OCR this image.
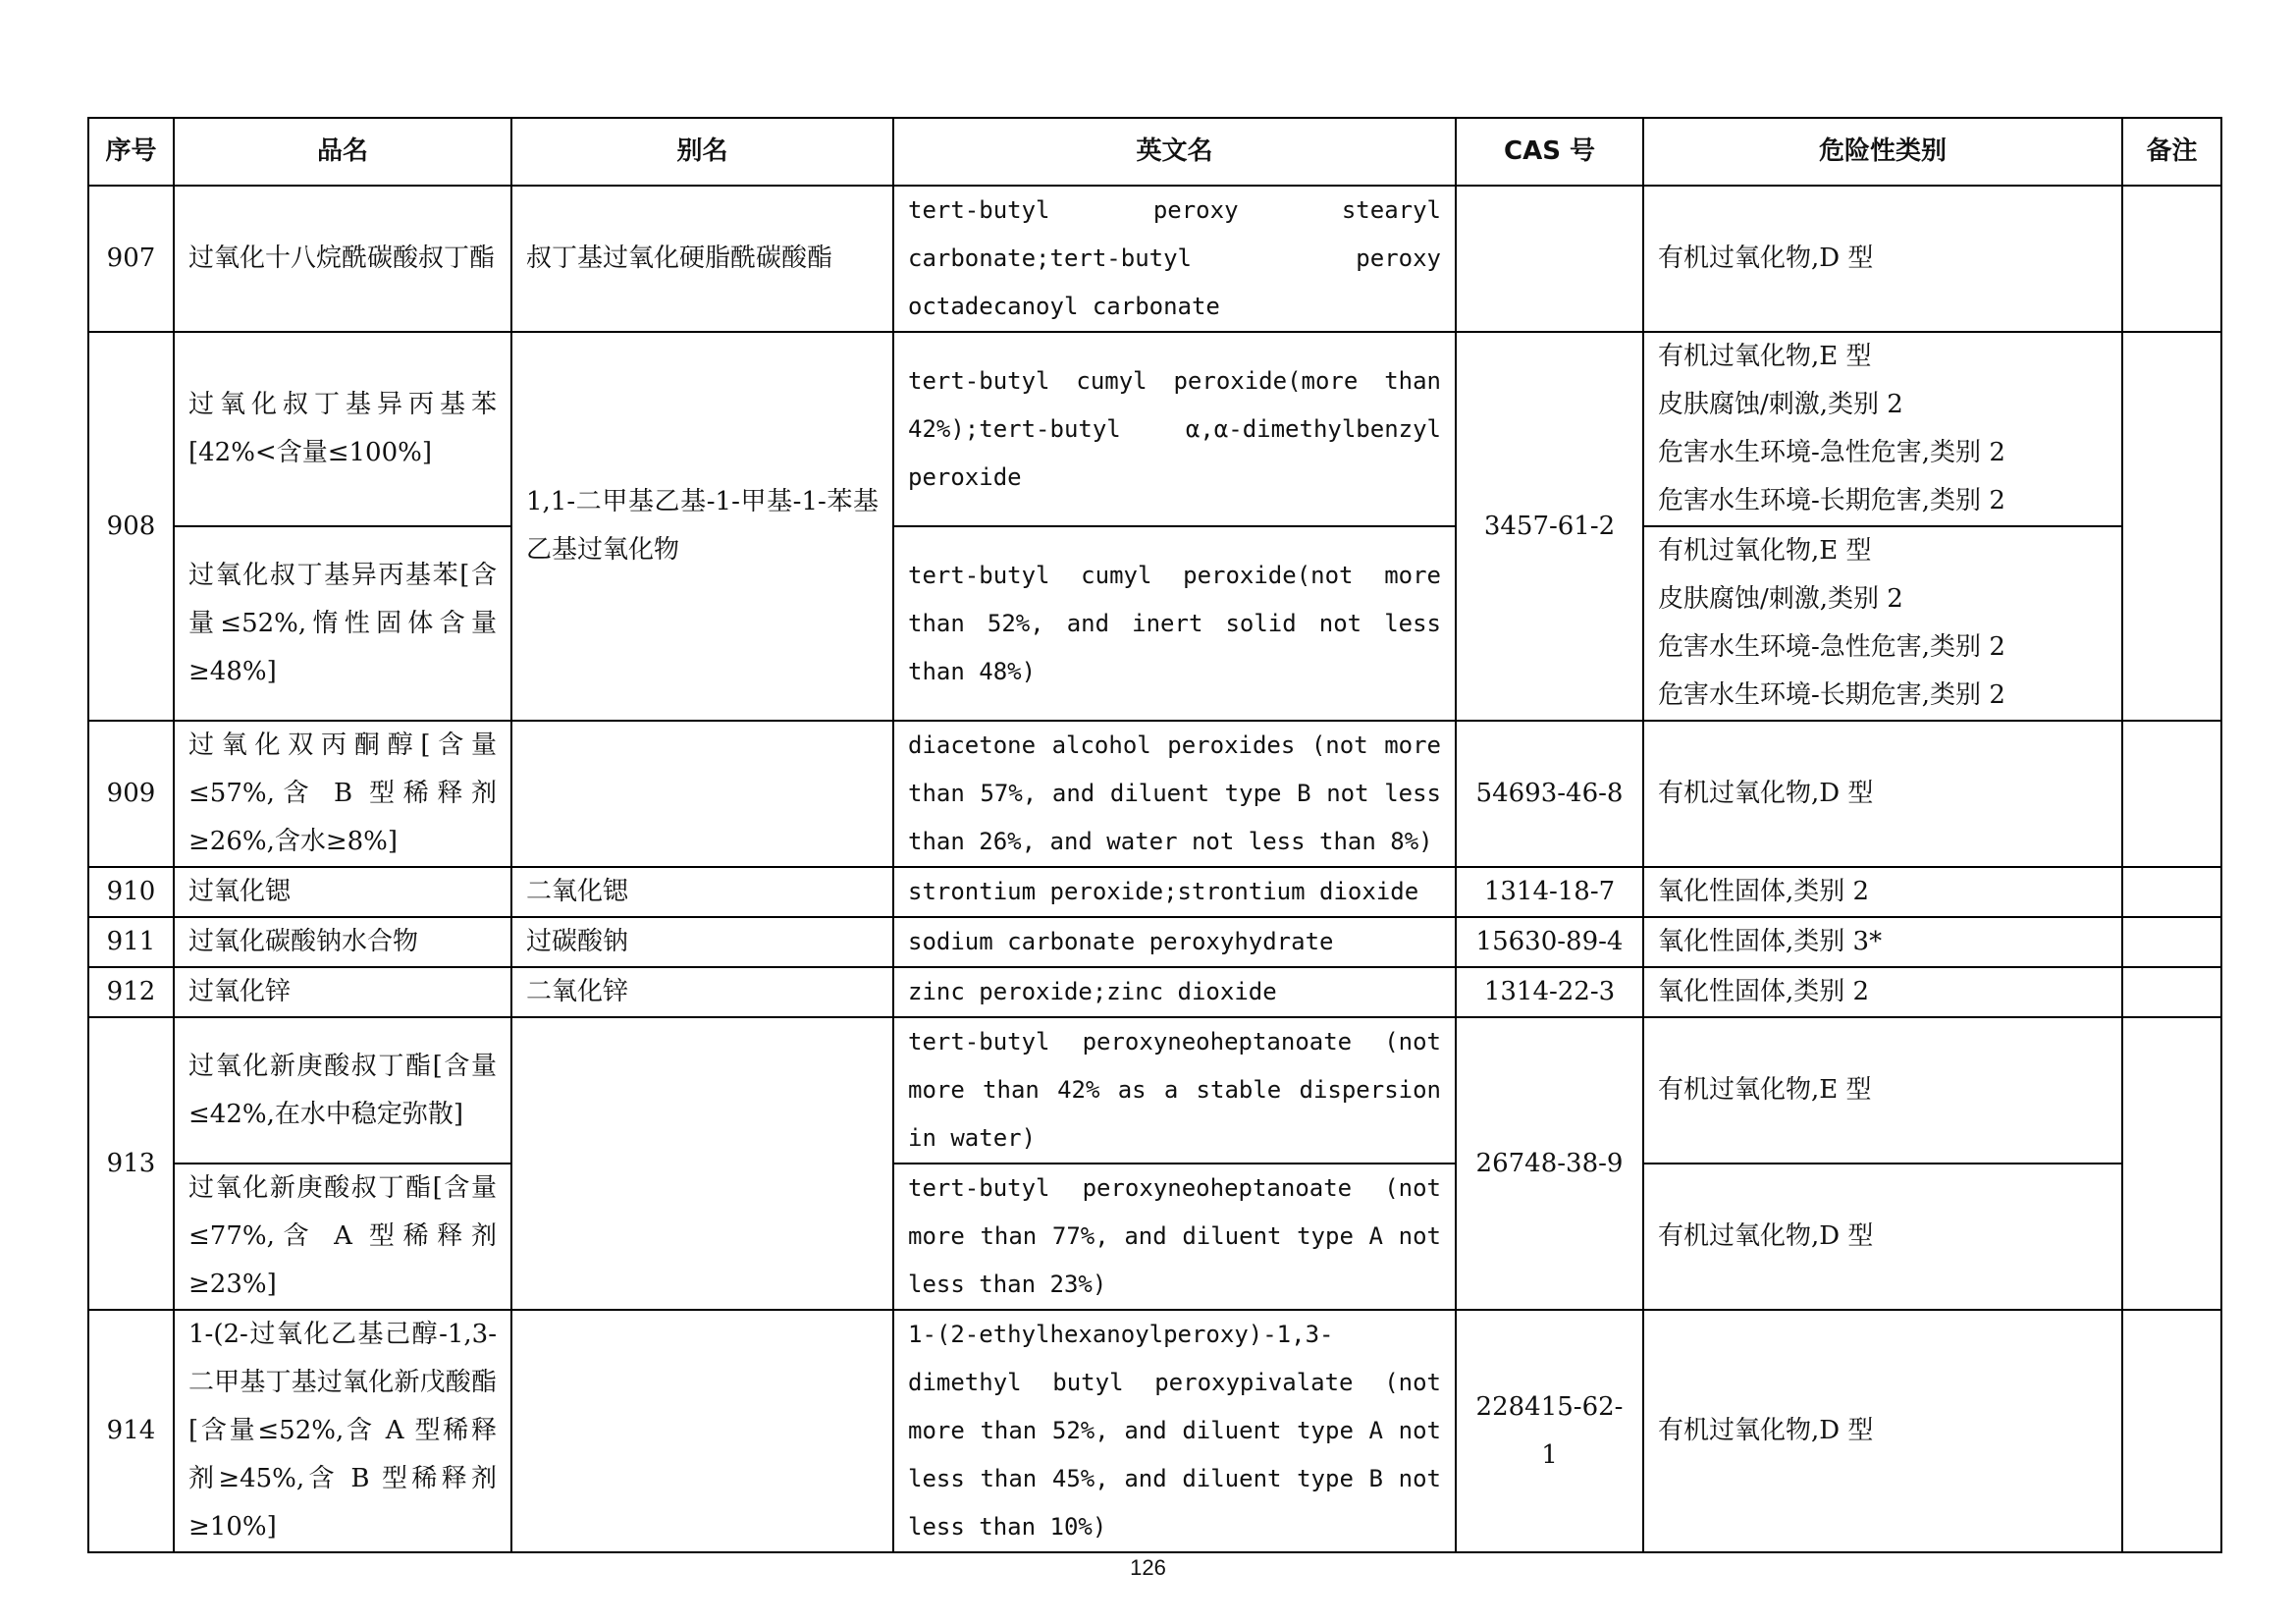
序号	品名	别名	英文名	CAS 号	危险性类别	备注
907	过氧化十八烷酰碳酸叔丁酯	叔丁基过氧化硬脂酰碳酸酯	tert-butyl peroxy stearyl carbonate;tert-butyl peroxy octadecanoyl carbonate		有机过氧化物,D 型	

908	过氧化叔丁基异丙基苯[42%<含量≤100%]	1,1-二甲基乙基-1-甲基-1-苯基乙基过氧化物	tert-butyl cumyl peroxide(more than 42%);tert-butyl α,α-dimethylbenzyl peroxide	3457-61-2	有机过氧化物,E 型
皮肤腐蚀/刺激,类别 2
危害水生环境-急性危害,类别 2
危害水生环境-长期危害,类别 2	

	过氧化叔丁基异丙基苯[含量≤52%,惰性固体含量≥48%]		tert-butyl cumyl peroxide(not more than 52%, and inert solid not less than 48%)		有机过氧化物,E 型
皮肤腐蚀/刺激,类别 2
危害水生环境-急性危害,类别 2
危害水生环境-长期危害,类别 2	

909	过氧化双丙酮醇[含量≤57%,含 B 型稀释剂≥26%,含水≥8%]		diacetone alcohol peroxides (not more than 57%, and diluent type B not less than 26%, and water not less than 8%)	54693-46-8	有机过氧化物,D 型	

910	过氧化锶	二氧化锶	strontium peroxide;strontium dioxide	1314-18-7	氧化性固体,类别 2	

911	过氧化碳酸钠水合物	过碳酸钠	sodium carbonate peroxyhydrate	15630-89-4	氧化性固体,类别 3*	

912	过氧化锌	二氧化锌	zinc peroxide;zinc dioxide	1314-22-3	氧化性固体,类别 2	

913	过氧化新庚酸叔丁酯[含量≤42%,在水中稳定弥散]		tert-butyl peroxyneoheptanoate (not more than 42% as a stable dispersion in water)	26748-38-9	有机过氧化物,E 型	

	过氧化新庚酸叔丁酯[含量≤77%,含 A 型稀释剂≥23%]		tert-butyl peroxyneoheptanoate (not more than 77%, and diluent type A not less than 23%)		有机过氧化物,D 型	

914	1-(2-过氧化乙基己醇-1,3-二甲基丁基过氧化新戊酸酯[含量≤52%,含 A 型稀释剂≥45%,含 B 型稀释剂≥10%]		1-(2-ethylhexanoylperoxy)-1,3-dimethyl butyl peroxypivalate (not more than 52%, and diluent type A not less than 45%, and diluent type B not less than 10%)	228415-62-1	有机过氧化物,D 型	

126
